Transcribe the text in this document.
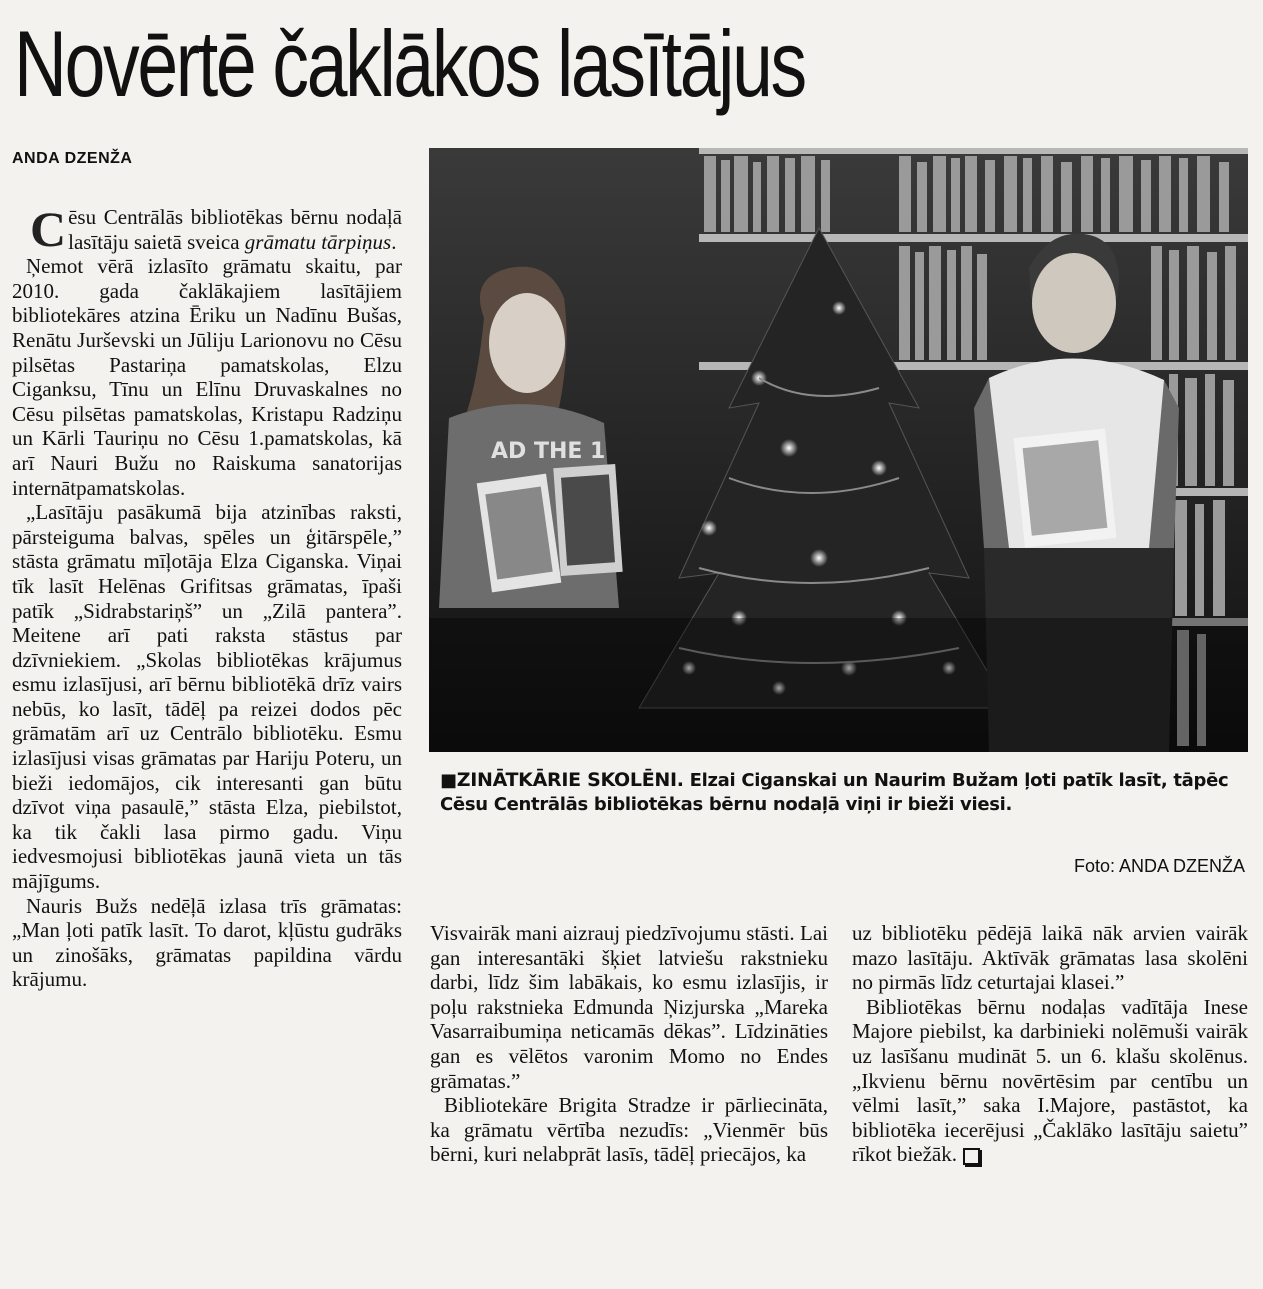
Novērtē čaklākos lasītājus
ANDA DZENŽA

Cēsu Centrālās bibliotēkas bērnu nodaļā lasītāju saietā sveica grāmatu tārpiņus.

Ņemot vērā izlasīto grāmatu skaitu, par 2010. gada čaklākajiem lasītājiem bibliotekāres atzina Ēriku un Nadīnu Bušas, Renātu Jurševski un Jūliju Larionovu no Cēsu pilsētas Pastariņa pamatskolas, Elzu Ciganksu, Tīnu un Elīnu Druvaskalnes no Cēsu pilsētas pamatskolas, Kristapu Radziņu un Kārli Tauriņu no Cēsu 1.pamatskolas, kā arī Nauri Bužu no Raiskuma sanatorijas internātpamatskolas.

„Lasītāju pasākumā bija atzinības raksti, pārsteiguma balvas, spēles un ģitārspēle,” stāsta grāmatu mīļotāja Elza Ciganska. Viņai tīk lasīt Helēnas Grifitsas grāmatas, īpaši patīk „Sidrabstariņš” un „Zilā pantera”. Meitene arī pati raksta stāstus par dzīvniekiem. „Skolas bibliotēkas krājumus esmu izlasījusi, arī bērnu bibliotēkā drīz vairs nebūs, ko lasīt, tādēļ pa reizei dodos pēc grāmatām arī uz Centrālo bibliotēku. Esmu izlasījusi visas grāmatas par Hariju Poteru, un bieži iedomājos, cik interesanti gan būtu dzīvot viņa pasaulē,” stāsta Elza, piebilstot, ka tik čakli lasa pirmo gadu. Viņu iedvesmojusi bibliotēkas jaunā vieta un tās mājīgums.

Nauris Bužs nedēļā izlasa trīs grāmatas: „Man ļoti patīk lasīt. To darot, kļūstu gudrāks un zinošāks, grāmatas papildina vārdu krājumu.

AD THE 1
■ZINĀTKĀRIE SKOLĒNI. Elzai Ciganskai un Naurim Bužam ļoti patīk lasīt, tāpēc Cēsu Centrālās bibliotēkas bērnu nodaļā viņi ir bieži viesi.
Foto: ANDA DZENŽA

Visvairāk mani aizrauj piedzīvojumu stāsti. Lai gan interesantāki šķiet latviešu rakstnieku darbi, līdz šim labākais, ko esmu izlasījis, ir poļu rakstnieka Edmunda Ņizjurska „Mareka Vasarraibumiņa neticamās dēkas”. Līdzināties gan es vēlētos varonim Momo no Endes grāmatas.”

Bibliotekāre Brigita Stradze ir pārliecināta, ka grāmatu vērtība nezudīs: „Vienmēr būs bērni, kuri nelabprāt lasīs, tādēļ priecājos, ka

uz bibliotēku pēdējā laikā nāk arvien vairāk mazo lasītāju. Aktīvāk grāmatas lasa skolēni no pirmās līdz ceturtajai klasei.”

Bibliotēkas bērnu nodaļas vadītāja Inese Majore piebilst, ka darbinieki nolēmuši vairāk uz lasīšanu mudināt 5. un 6. klašu skolēnus. „Ikvienu bērnu novērtēsim par centību un vēlmi lasīt,” saka I.Majore, pastāstot, ka bibliotēka iecerējusi „Čaklāko lasītāju saietu” rīkot biežāk.
